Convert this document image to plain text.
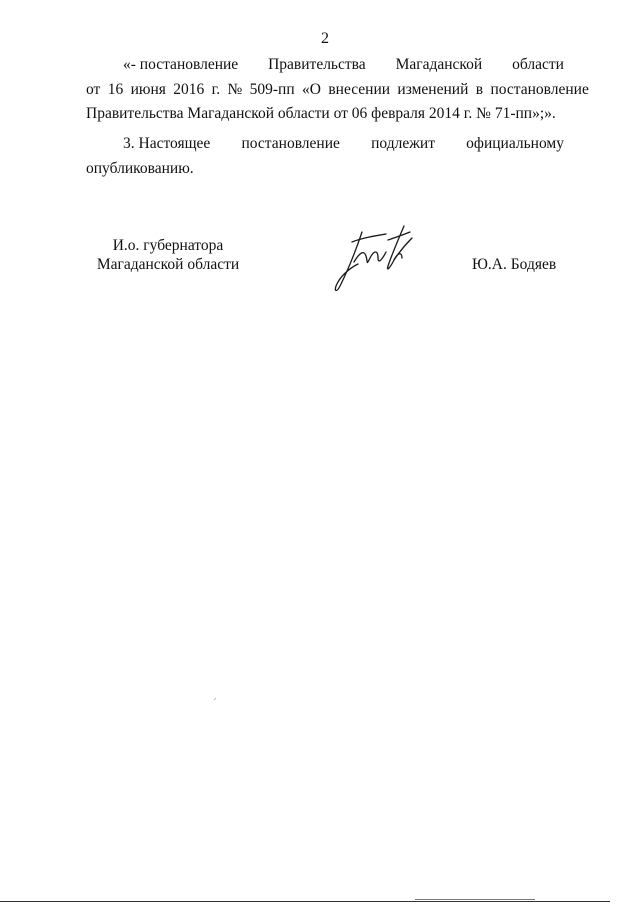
2
«- постановление Правительства Магаданской области
от 16 июня 2016 г. № 509-пп «О внесении изменений в постановление
Правительства Магаданской области от 06 февраля 2014 г. № 71-пп»;».
3. Настоящее постановление подлежит официальному
опубликованию.
И.о. губернатора
Магаданской области	Ю.А. Бодяев
